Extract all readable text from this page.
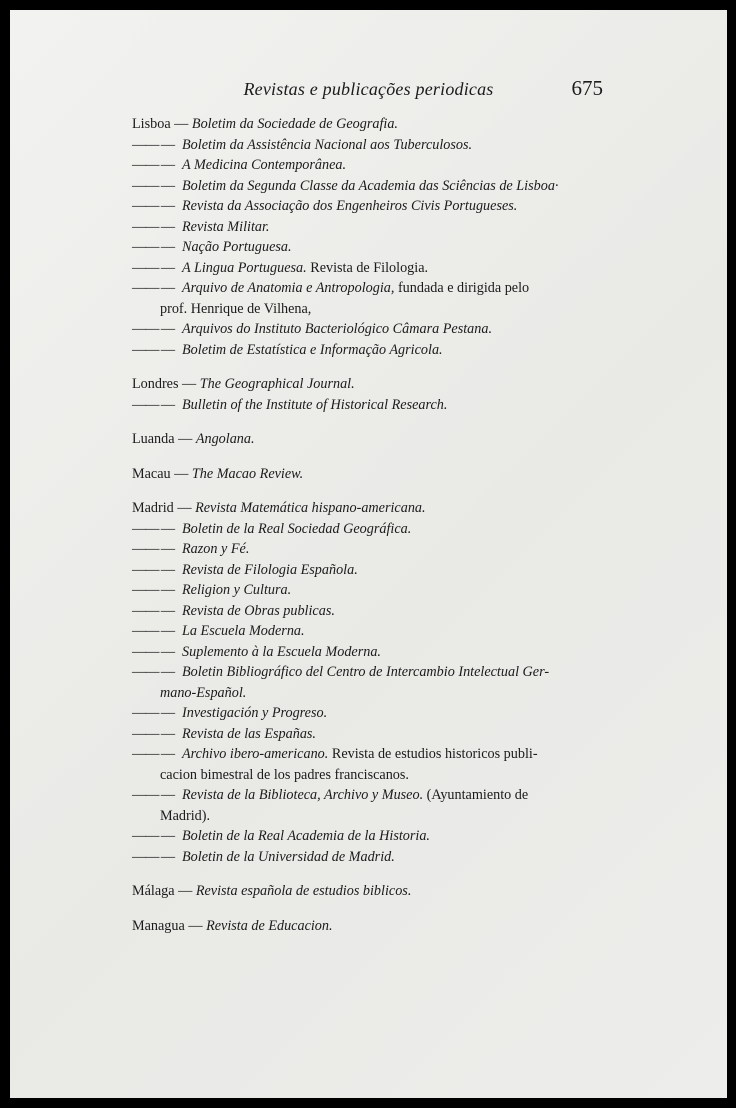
Revistas e publicações periodicas	675
Lisboa — Boletim da Sociedade de Geografia.
—— —Boletim da Assistência Nacional aos Tuberculosos.
—— —A Medicina Contemporânea.
—— —Boletim da Segunda Classe da Academia das Sciências de Lisboa·
—— —Revista da Associação dos Engenheiros Civis Portugueses.
—— —Revista Militar.
—— —Nação Portuguesa.
—— —A Lingua Portuguesa. Revista de Filologia.
—— —Arquivo de Anatomia e Antropologia, fundada e dirigida pelo
prof. Henrique de Vilhena,
—— —Arquivos do Instituto Bacteriológico Câmara Pestana.
—— —Boletim de Estatística e Informação Agricola.
Londres — The Geographical Journal.
—— —Bulletin of the Institute of Historical Research.
Luanda — Angolana.
Macau — The Macao Review.
Madrid — Revista Matemática hispano-americana.
—— —Boletin de la Real Sociedad Geográfica.
—— —Razon y Fé.
—— —Revista de Filologia Española.
—— —Religion y Cultura.
—— —Revista de Obras publicas.
—— —La Escuela Moderna.
—— —Suplemento à la Escuela Moderna.
—— —Boletin Bibliográfico del Centro de Intercambio Intelectual Ger-
mano-Español.
—— —Investigación y Progreso.
—— —Revista de las Españas.
—— —Archivo ibero-americano. Revista de estudios historicos publi-
cacion bimestral de los padres franciscanos.
—— —Revista de la Biblioteca, Archivo y Museo. (Ayuntamiento de
Madrid).
—— —Boletin de la Real Academia de la Historia.
—— —Boletin de la Universidad de Madrid.
Málaga — Revista española de estudios biblicos.
Managua — Revista de Educacion.
